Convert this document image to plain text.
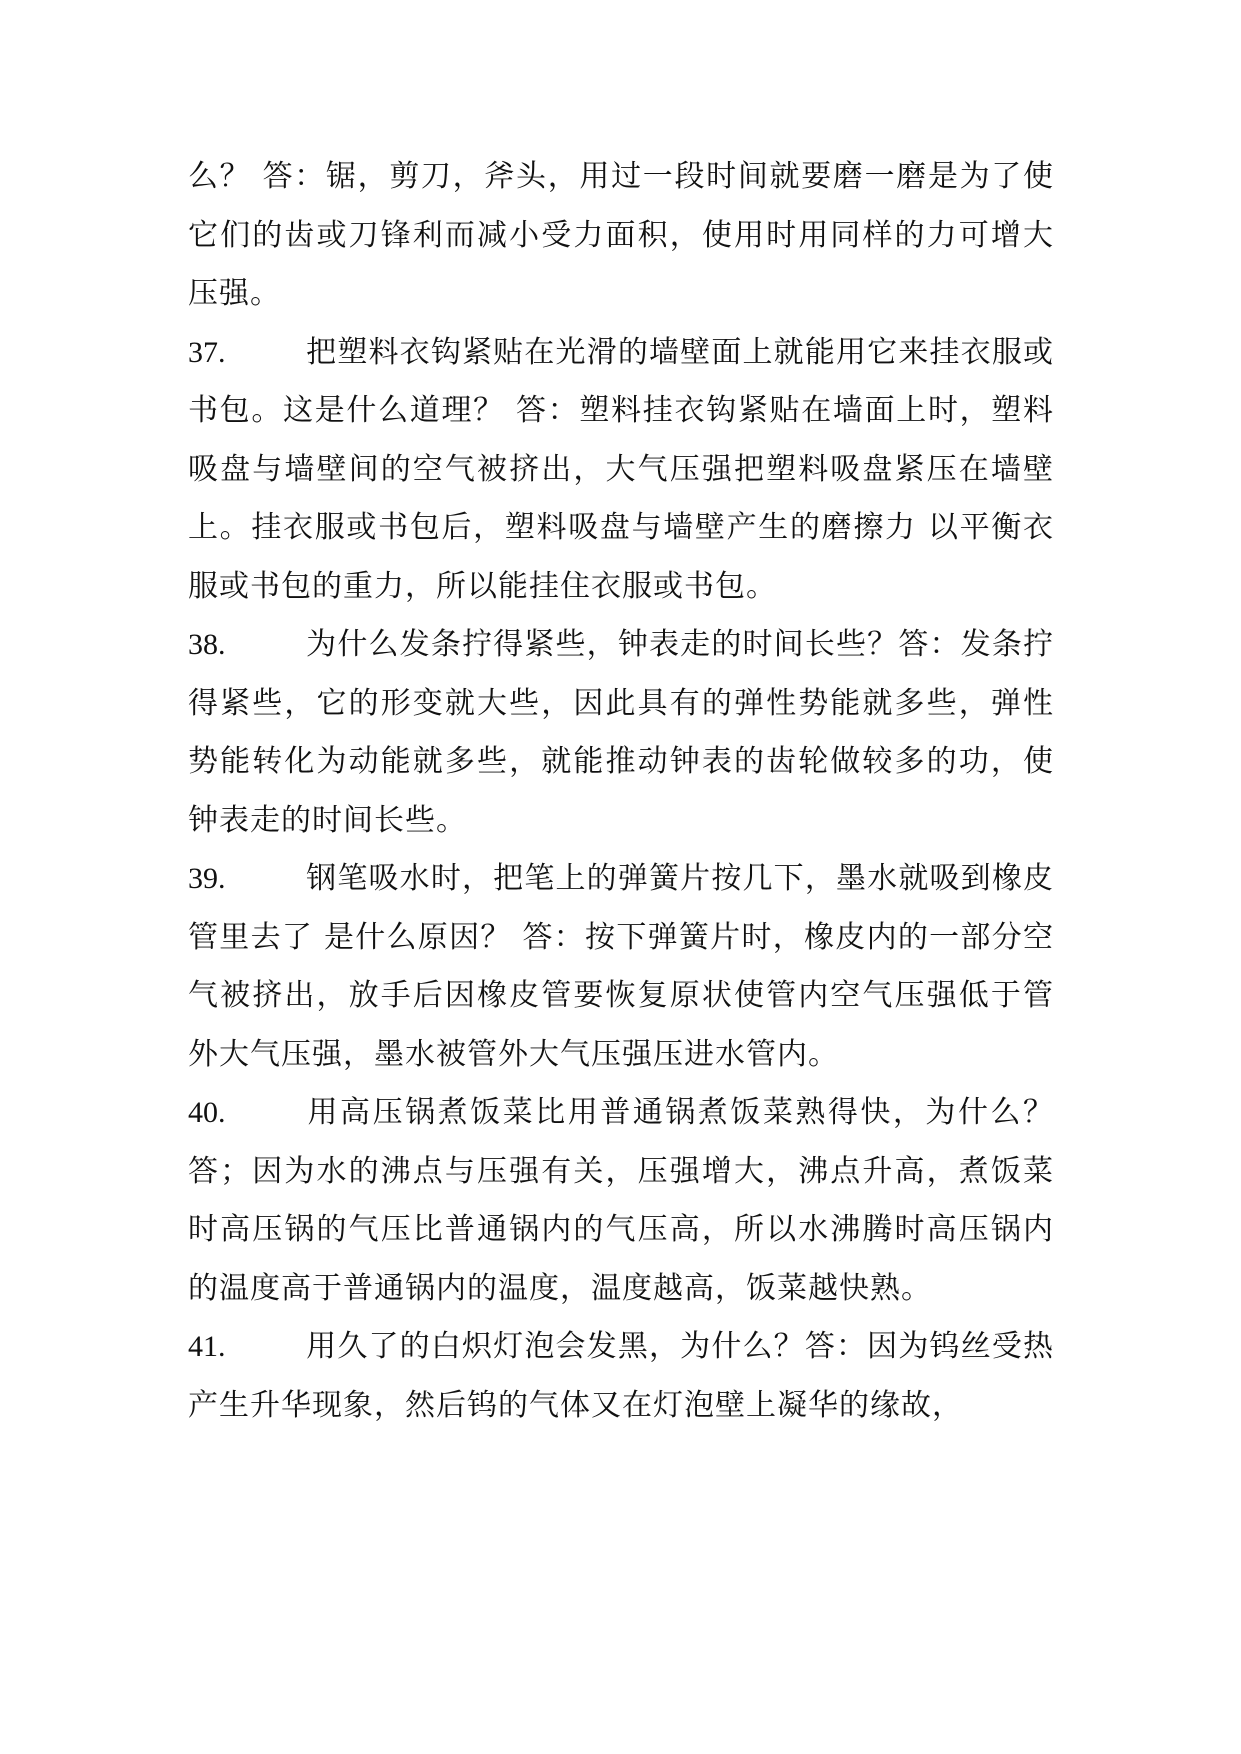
么？ 答：锯，剪刀，斧头，用过一段时间就要磨一磨是为了使它们的齿或刀锋利而减小受力面积，使用时用同样的力可增大压强。

37.	把塑料衣钩紧贴在光滑的墙壁面上就能用它来挂衣服或书包。这是什么道理？ 答：塑料挂衣钩紧贴在墙面上时，塑料吸盘与墙壁间的空气被挤出，大气压强把塑料吸盘紧压在墙壁上。挂衣服或书包后，塑料吸盘与墙壁产生的磨擦力 以平衡衣服或书包的重力，所以能挂住衣服或书包。

38.	为什么发条拧得紧些，钟表走的时间长些？答：发条拧得紧些，它的形变就大些，因此具有的弹性势能就多些，弹性势能转化为动能就多些，就能推动钟表的齿轮做较多的功，使钟表走的时间长些。

39.	钢笔吸水时，把笔上的弹簧片按几下，墨水就吸到橡皮管里去了 是什么原因？ 答：按下弹簧片时，橡皮内的一部分空气被挤出，放手后因橡皮管要恢复原状使管内空气压强低于管外大气压强，墨水被管外大气压强压进水管内。

40.	用高压锅煮饭菜比用普通锅煮饭菜熟得快，为什么？答；因为水的沸点与压强有关，压强增大，沸点升高，煮饭菜时高压锅的气压比普通锅内的气压高，所以水沸腾时高压锅内的温度高于普通锅内的温度，温度越高，饭菜越快熟。

41.	用久了的白炽灯泡会发黑，为什么？答：因为钨丝受热产生升华现象，然后钨的气体又在灯泡壁上凝华的缘故，
